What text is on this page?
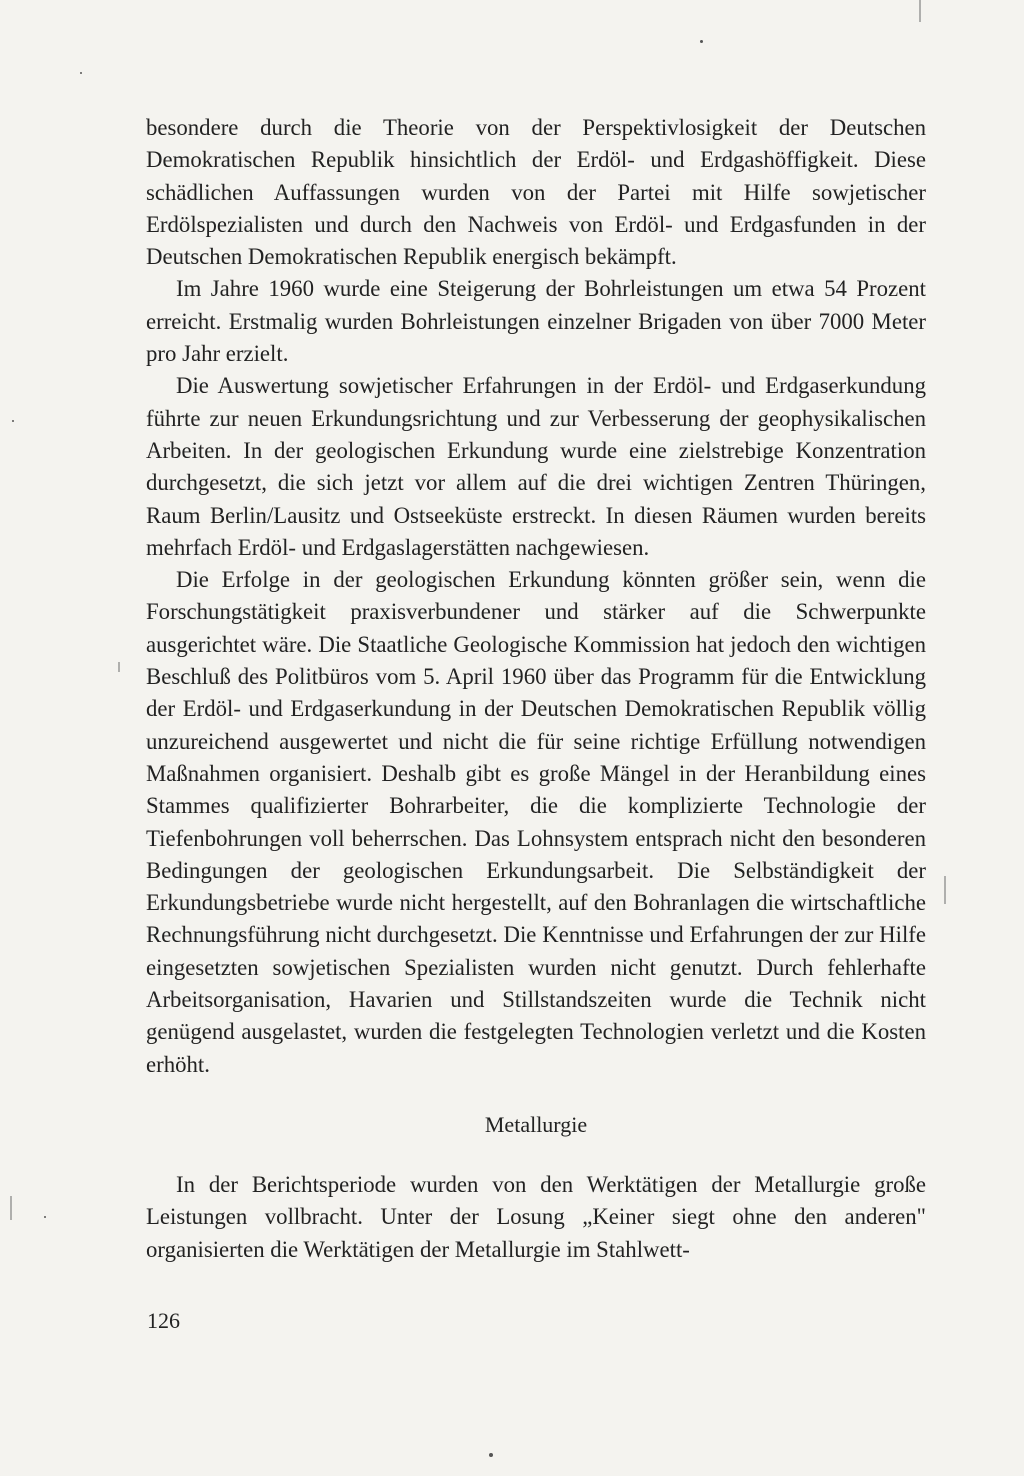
besondere durch die Theorie von der Perspektivlosigkeit der Deutschen Demokratischen Republik hinsichtlich der Erdöl- und Erdgashöffigkeit. Diese schädlichen Auffassungen wurden von der Partei mit Hilfe sowjetischer Erdölspezialisten und durch den Nachweis von Erdöl- und Erdgasfunden in der Deutschen Demokratischen Republik energisch bekämpft.

Im Jahre 1960 wurde eine Steigerung der Bohrleistungen um etwa 54 Prozent erreicht. Erstmalig wurden Bohrleistungen einzelner Brigaden von über 7000 Meter pro Jahr erzielt.

Die Auswertung sowjetischer Erfahrungen in der Erdöl- und Erdgaserkundung führte zur neuen Erkundungsrichtung und zur Verbesserung der geophysikalischen Arbeiten. In der geologischen Erkundung wurde eine zielstrebige Konzentration durchgesetzt, die sich jetzt vor allem auf die drei wichtigen Zentren Thüringen, Raum Berlin/Lausitz und Ostseeküste erstreckt. In diesen Räumen wurden bereits mehrfach Erdöl- und Erdgaslagerstätten nachgewiesen.

Die Erfolge in der geologischen Erkundung könnten größer sein, wenn die Forschungstätigkeit praxisverbundener und stärker auf die Schwerpunkte ausgerichtet wäre. Die Staatliche Geologische Kommission hat jedoch den wichtigen Beschluß des Politbüros vom 5. April 1960 über das Programm für die Entwicklung der Erdöl- und Erdgaserkundung in der Deutschen Demokratischen Republik völlig unzureichend ausgewertet und nicht die für seine richtige Erfüllung notwendigen Maßnahmen organisiert. Deshalb gibt es große Mängel in der Heranbildung eines Stammes qualifizierter Bohrarbeiter, die die komplizierte Technologie der Tiefenbohrungen voll beherrschen. Das Lohnsystem entsprach nicht den besonderen Bedingungen der geologischen Erkundungsarbeit. Die Selbständigkeit der Erkundungsbetriebe wurde nicht hergestellt, auf den Bohranlagen die wirtschaftliche Rechnungsführung nicht durchgesetzt. Die Kenntnisse und Erfahrungen der zur Hilfe eingesetzten sowjetischen Spezialisten wurden nicht genutzt. Durch fehlerhafte Arbeitsorganisation, Havarien und Stillstandszeiten wurde die Technik nicht genügend ausgelastet, wurden die festgelegten Technologien verletzt und die Kosten erhöht.

Metallurgie

In der Berichtsperiode wurden von den Werktätigen der Metallurgie große Leistungen vollbracht. Unter der Losung „Keiner siegt ohne den anderen" organisierten die Werktätigen der Metallurgie im Stahlwett-

126
